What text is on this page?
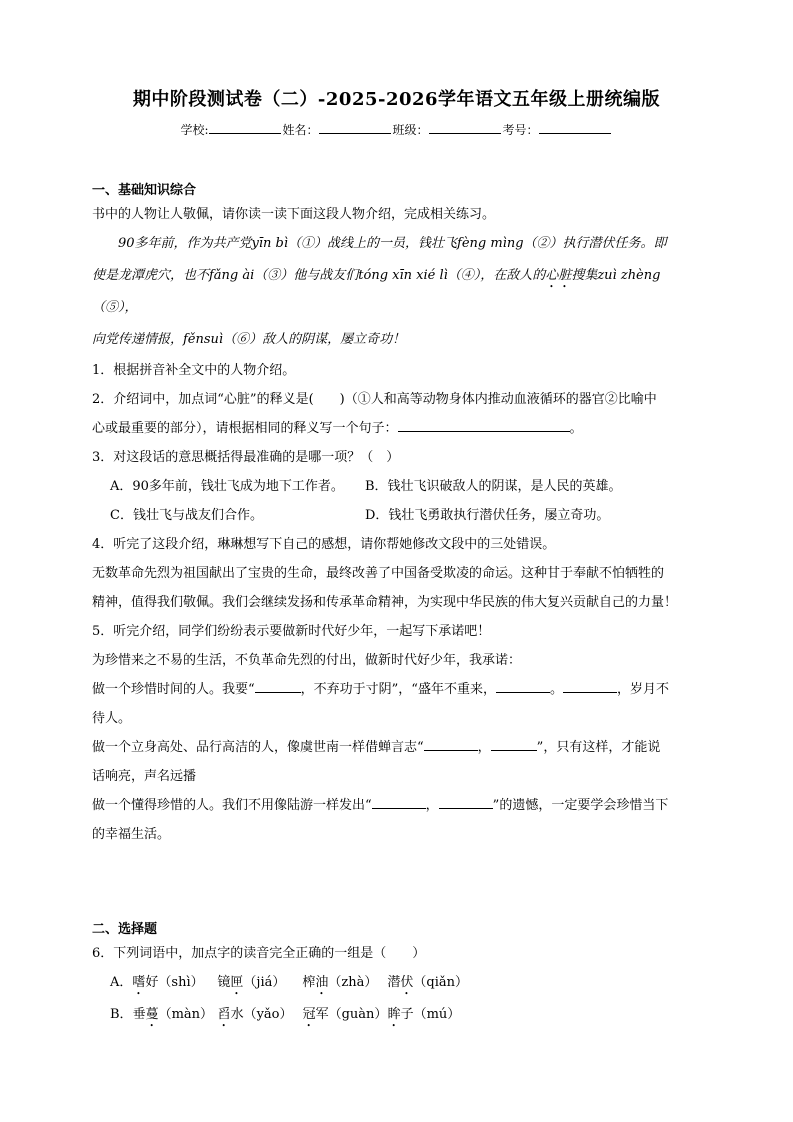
期中阶段测试卷（二）-2025-2026学年语文五年级上册统编版
学校:	姓名：	班级：	考号：
一、基础知识综合

书中的人物让人敬佩，请你读一读下面这段人物介绍，完成相关练习。

90多年前，作为共产党yīn bì（①）战线上的一员，钱壮飞fèng mìng（②）执行潜伏任务。即

使是龙潭虎穴，也不fǎng ài（③）他与战友们tóng xīn xié lì（④），在敌人的心脏搜集zuì zhèng（⑤），

向党传递情报，fěnsuì（⑥）敌人的阴谋，屡立奇功！

1．根据拼音补全文中的人物介绍。

2．介绍词中，加点词“心脏”的释义是(　　)（①人和高等动物身体内推动血液循环的器官②比喻中

心或最重要的部分），请根据相同的释义写一个句子：	。

3．对这段话的意思概括得最准确的是哪一项？（　）

A．90多年前，钱壮飞成为地下工作者。	B．钱壮飞识破敌人的阴谋，是人民的英雄。
C．钱壮飞与战友们合作。	D．钱壮飞勇敢执行潜伏任务，屡立奇功。

4．听完了这段介绍，琳琳想写下自己的感想，请你帮她修改文段中的三处错误。

无数革命先烈为祖国献出了宝贵的生命，最终改善了中国备受欺凌的命运。这种甘于奉献不怕牺牲的

精神，值得我们敬佩。我们会继续发扬和传承革命精神，为实现中华民族的伟大复兴贡献自己的力量！

5．听完介绍，同学们纷纷表示要做新时代好少年，一起写下承诺吧！

为珍惜来之不易的生活，不负革命先烈的付出，做新时代好少年，我承诺：

做一个珍惜时间的人。我要“	，不弃功于寸阴”，“盛年不重来，	。	，岁月不

待人。

做一个立身高处、品行高洁的人，像虞世南一样借蝉言志“	，	”，只有这样，才能说

话响亮，声名远播

做一个懂得珍惜的人。我们不用像陆游一样发出“	，	”的遗憾，一定要学会珍惜当下

的幸福生活。

二、选择题

6．下列词语中，加点字的读音完全正确的一组是（　　）

A． 嗜好（shì）	镜匣（jiá）	榨油（zhà） 潜伏（qiǎn）
B． 垂蔓（màn） 舀水（yǎo） 冠军（guàn） 眸子（mú）
